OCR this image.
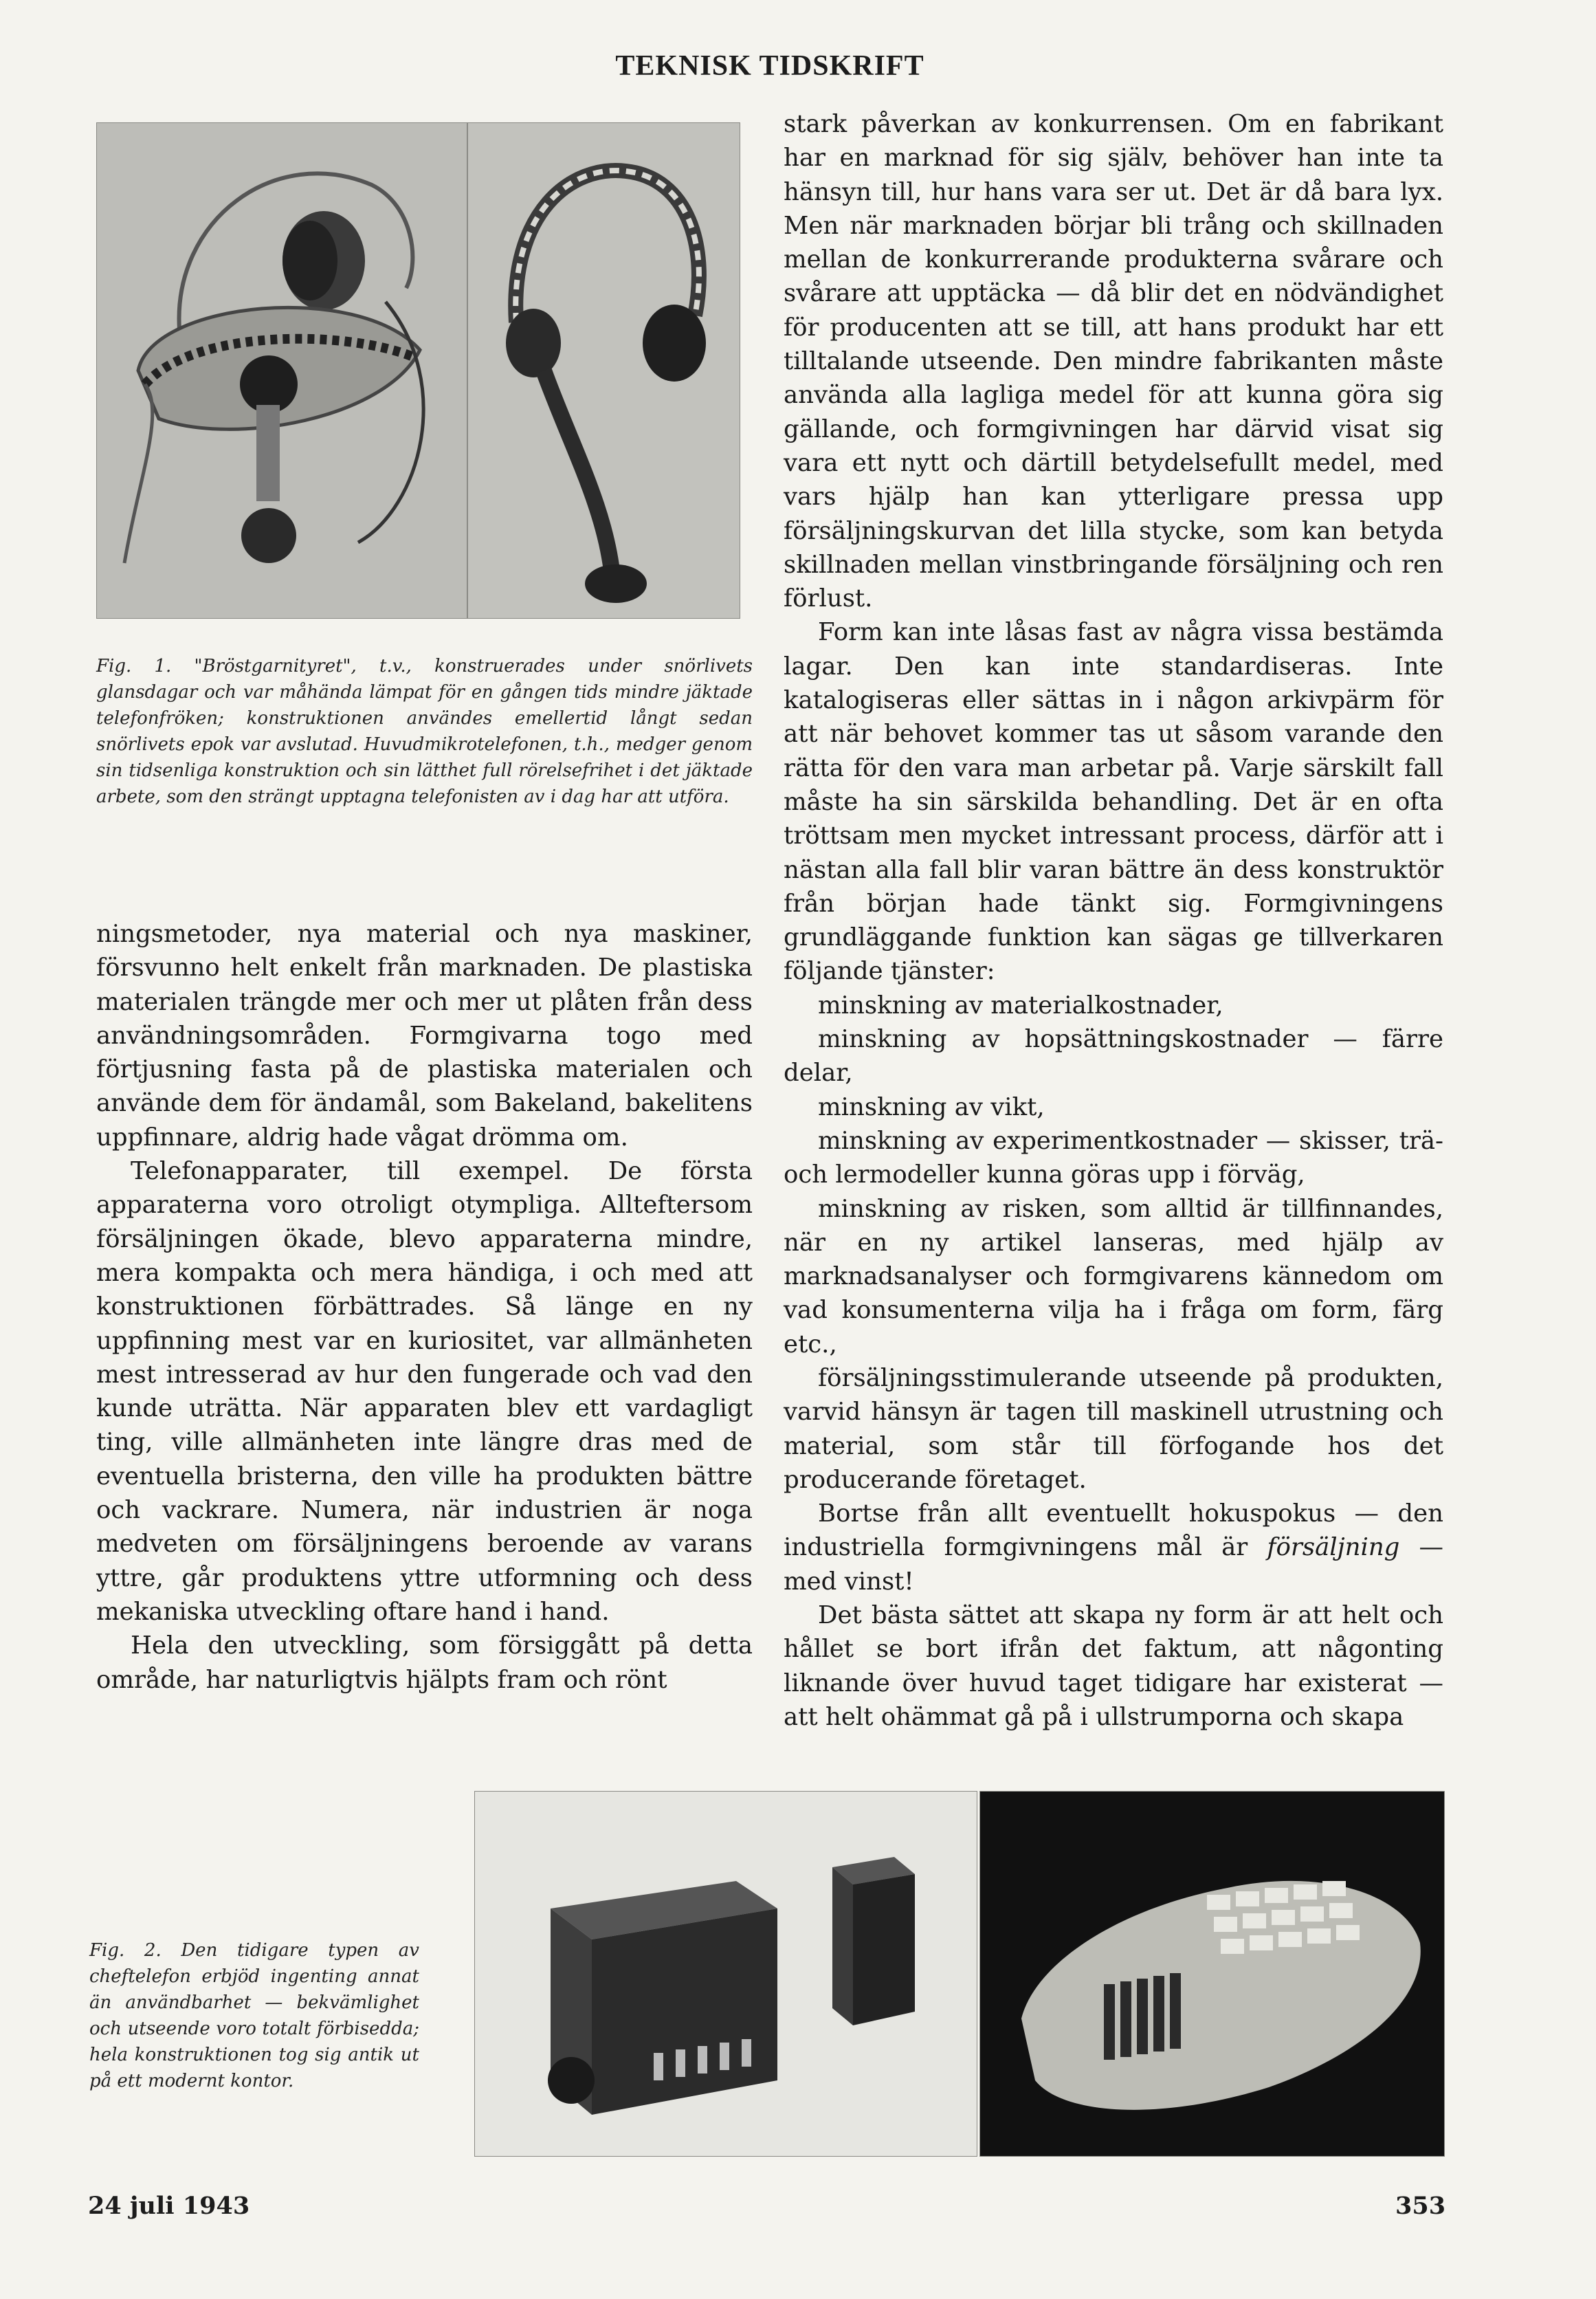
TEKNISK TIDSKRIFT
Fig. 1. "Bröstgarnityret", t.v., konstruerades under snörlivets glansdagar och var måhända lämpat för en gången tids mindre jäktade telefonfröken; konstruktionen användes emellertid långt sedan snörlivets epok var avslutad. Huvudmikrotelefonen, t.h., medger genom sin tidsenliga konstruktion och sin lätthet full rörelsefrihet i det jäktade arbete, som den strängt upptagna telefonisten av i dag har att utföra.

ningsmetoder, nya material och nya maskiner, försvunno helt enkelt från marknaden. De plastiska materialen trängde mer och mer ut plåten från dess användningsområden. Formgivarna togo med förtjusning fasta på de plastiska materialen och använde dem för ändamål, som Bakeland, bakelitens uppfinnare, aldrig hade vågat drömma om.

Telefonapparater, till exempel. De första apparaterna voro otroligt otympliga. Allteftersom försäljningen ökade, blevo apparaterna mindre, mera kompakta och mera händiga, i och med att konstruktionen förbättrades. Så länge en ny uppfinning mest var en kuriositet, var allmänheten mest intresserad av hur den fungerade och vad den kunde uträtta. När apparaten blev ett vardagligt ting, ville allmänheten inte längre dras med de eventuella bristerna, den ville ha produkten bättre och vackrare. Numera, när industrien är noga medveten om försäljningens beroende av varans yttre, går produktens yttre utformning och dess mekaniska utveckling oftare hand i hand.

Hela den utveckling, som försiggått på detta område, har naturligtvis hjälpts fram och rönt

stark påverkan av konkurrensen. Om en fabrikant har en marknad för sig själv, behöver han inte ta hänsyn till, hur hans vara ser ut. Det är då bara lyx. Men när marknaden börjar bli trång och skillnaden mellan de konkurrerande produkterna svårare och svårare att upptäcka — då blir det en nödvändighet för producenten att se till, att hans produkt har ett tilltalande utseende. Den mindre fabrikanten måste använda alla lagliga medel för att kunna göra sig gällande, och formgivningen har därvid visat sig vara ett nytt och därtill betydelsefullt medel, med vars hjälp han kan ytterligare pressa upp försäljningskurvan det lilla stycke, som kan betyda skillnaden mellan vinstbringande försäljning och ren förlust.

Form kan inte låsas fast av några vissa bestämda lagar. Den kan inte standardiseras. Inte katalogiseras eller sättas in i någon arkivpärm för att när behovet kommer tas ut såsom varande den rätta för den vara man arbetar på. Varje särskilt fall måste ha sin särskilda behandling. Det är en ofta tröttsam men mycket intressant process, därför att i nästan alla fall blir varan bättre än dess konstruktör från början hade tänkt sig. Formgivningens grundläggande funktion kan sägas ge tillverkaren följande tjänster:

minskning av materialkostnader,

minskning av hopsättningskostnader — färre delar,

minskning av vikt,

minskning av experimentkostnader — skisser, trä- och lermodeller kunna göras upp i förväg,

minskning av risken, som alltid är tillfinnandes, när en ny artikel lanseras, med hjälp av marknadsanalyser och formgivarens kännedom om vad konsumenterna vilja ha i fråga om form, färg etc.,

försäljningsstimulerande utseende på produkten, varvid hänsyn är tagen till maskinell utrustning och material, som står till förfogande hos det producerande företaget.

Bortse från allt eventuellt hokuspokus — den industriella formgivningens mål är försäljning — med vinst!

Det bästa sättet att skapa ny form är att helt och hållet se bort ifrån det faktum, att någonting liknande över huvud taget tidigare har existerat — att helt ohämmat gå på i ullstrumporna och skapa

Fig. 2. Den tidigare typen av cheftelefon erbjöd ingenting annat än användbarhet — bekvämlighet och utseende voro totalt förbisedda; hela konstruktionen tog sig antik ut på ett modernt kontor.
24 juli 1943	353
